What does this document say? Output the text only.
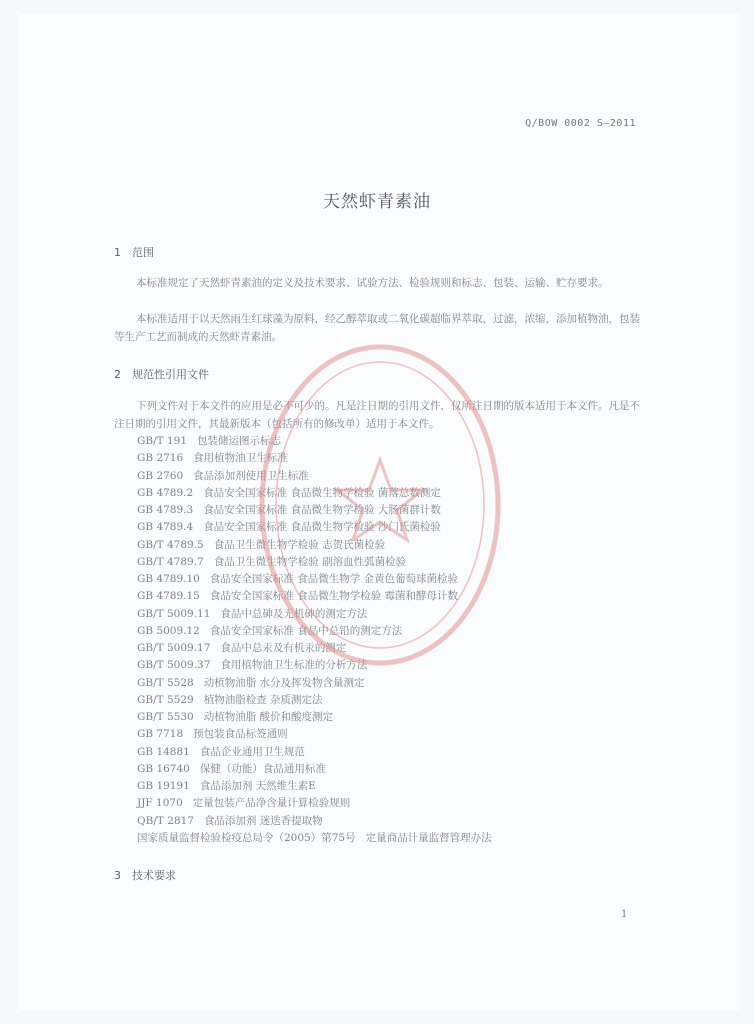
Q/BOW 0002 S—2011
天然虾青素油
1 范围
本标准规定了天然虾青素油的定义及技术要求、试验方法、检验规则和标志、包装、运输、贮存要求。
本标准适用于以天然雨生红球藻为原料，经乙醇萃取或二氧化碳超临界萃取，过滤，浓缩，添加植物油，包装等生产工艺而制成的天然虾青素油。
2 规范性引用文件
下列文件对于本文件的应用是必不可少的。凡是注日期的引用文件，仅所注日期的版本适用于本文件。凡是不注日期的引用文件，其最新版本（包括所有的修改单）适用于本文件。
GB/T 191 包装储运图示标志
GB 2716 食用植物油卫生标准
GB 2760 食品添加剂使用卫生标准
GB 4789.2 食品安全国家标准 食品微生物学检验 菌落总数测定
GB 4789.3 食品安全国家标准 食品微生物学检验 大肠菌群计数
GB 4789.4 食品安全国家标准 食品微生物学检验 沙门氏菌检验
GB/T 4789.5 食品卫生微生物学检验 志贺氏菌检验
GB/T 4789.7 食品卫生微生物学检验 副溶血性弧菌检验
GB 4789.10 食品安全国家标准 食品微生物学 金黄色葡萄球菌检验
GB 4789.15 食品安全国家标准 食品微生物学检验 霉菌和酵母计数
GB/T 5009.11 食品中总砷及无机砷的测定方法
GB 5009.12 食品安全国家标准 食品中总铅的测定方法
GB/T 5009.17 食品中总汞及有机汞的测定
GB/T 5009.37 食用植物油卫生标准的分析方法
GB/T 5528 动植物油脂 水分及挥发物含量测定
GB/T 5529 植物油脂检查 杂质测定法
GB/T 5530 动植物油脂 酸价和酸度测定
GB 7718 预包装食品标签通则
GB 14881 食品企业通用卫生规范
GB 16740 保健（功能）食品通用标准
GB 19191 食品添加剂 天然维生素E
JJF 1070 定量包装产品净含量计算检验规则
QB/T 2817 食品添加剂 迷迭香提取物
国家质量监督检验检疫总局令（2005）第75号 定量商品计量监督管理办法
3 技术要求
1
